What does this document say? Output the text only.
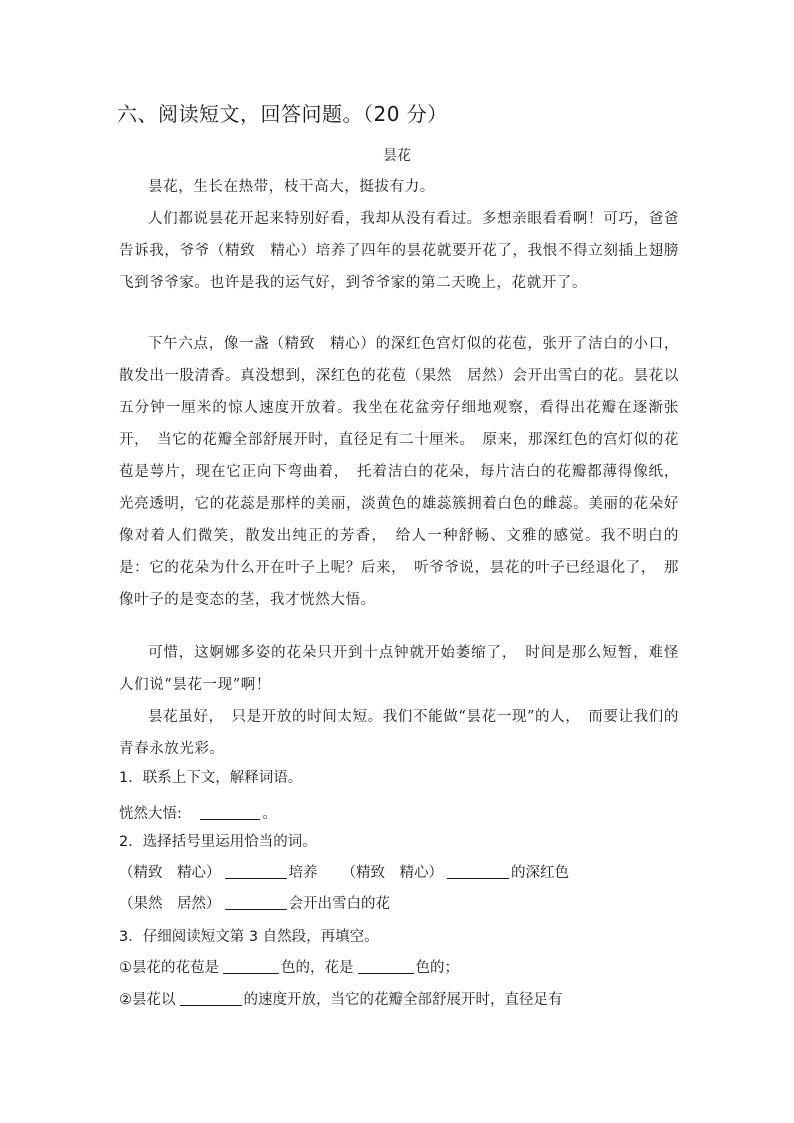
六、阅读短文，回答问题。（20 分）
昙花
昙花，生长在热带，枝干高大，挺拔有力。
人们都说昙花开起来特别好看，我却从没有看过。多想亲眼看看啊！可巧，爸爸告诉我，爷爷（精致　精心）培养了四年的昙花就要开花了，我恨不得立刻插上翅膀飞到爷爷家。也许是我的运气好，到爷爷家的第二天晚上，花就开了。
下午六点，像一盏（精致　精心）的深红色宫灯似的花苞，张开了洁白的小口，散发出一股清香。真没想到，深红色的花苞（果然　居然）会开出雪白的花。昙花以五分钟一厘米的惊人速度开放着。我坐在花盆旁仔细地观察，看得出花瓣在逐渐张开，　当它的花瓣全部舒展开时，直径足有二十厘米。　原来，那深红色的宫灯似的花苞是萼片，现在它正向下弯曲着，　托着洁白的花朵，每片洁白的花瓣都薄得像纸，光亮透明，它的花蕊是那样的美丽，淡黄色的雄蕊簇拥着白色的雌蕊。美丽的花朵好像对着人们微笑，散发出纯正的芳香，　给人一种舒畅、文雅的感觉。我不明白的是：它的花朵为什么开在叶子上呢？后来，　听爷爷说，昙花的叶子已经退化了，　那像叶子的是变态的茎，我才恍然大悟。
可惜，这婀娜多姿的花朵只开到十点钟就开始萎缩了，　时间是那么短暂，难怪人们说“昙花一现”啊！
昙花虽好，　只是开放的时间太短。我们不能做“昙花一现”的人，　而要让我们的青春永放光彩。
1．联系上下文，解释词语。
恍然大悟:　	。
2．选择括号里运用恰当的词。
（精致　精心）	培养 （精致　精心）	的深红色
（果然　居然）	会开出雪白的花
3．仔细阅读短文第 3 自然段，再填空。
①昙花的花苞是	色的，花是	色的；
②昙花以	的速度开放，当它的花瓣全部舒展开时，直径足有
